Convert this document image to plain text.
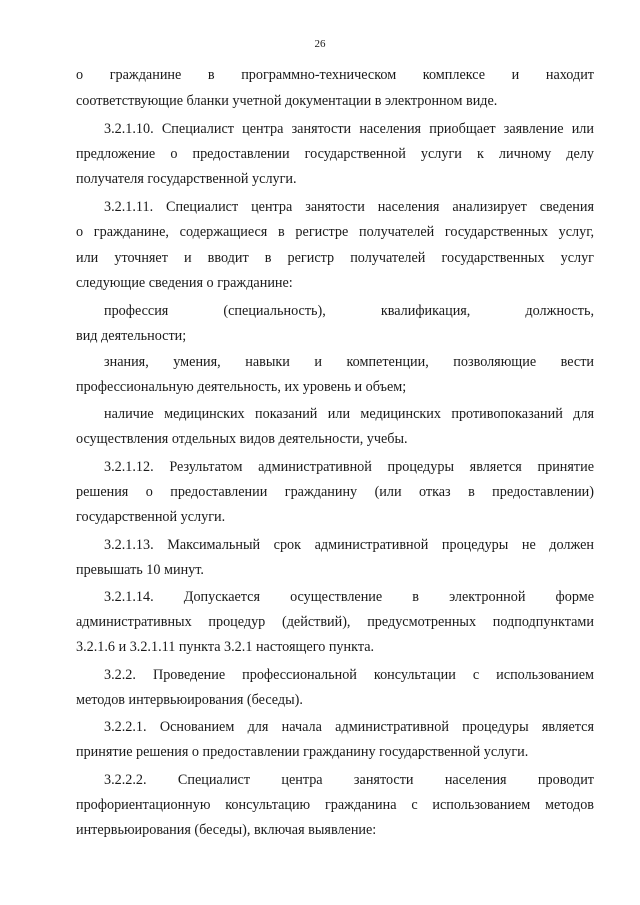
26
о гражданине в программно-техническом комплексе и находит
соответствующие бланки учетной документации в электронном виде.
3.2.1.10. Специалист центра занятости населения приобщает заявление или
предложение о предоставлении государственной услуги к личному делу
получателя государственной услуги.
3.2.1.11. Специалист центра занятости населения анализирует сведения
о гражданине, содержащиеся в регистре получателей государственных услуг,
или уточняет и вводит в регистр получателей государственных услуг
следующие сведения о гражданине:
профессия (специальность), квалификация, должность,
вид деятельности;
знания, умения, навыки и компетенции, позволяющие вести
профессиональную деятельность, их уровень и объем;
наличие медицинских показаний или медицинских противопоказаний для
осуществления отдельных видов деятельности, учебы.
3.2.1.12. Результатом административной процедуры является принятие
решения о предоставлении гражданину (или отказ в предоставлении)
государственной услуги.
3.2.1.13. Максимальный срок административной процедуры не должен
превышать 10 минут.
3.2.1.14. Допускается осуществление в электронной форме
административных процедур (действий), предусмотренных подподпунктами
3.2.1.6 и 3.2.1.11 пункта 3.2.1 настоящего пункта.
3.2.2. Проведение профессиональной консультации с использованием
методов интервьюирования (беседы).
3.2.2.1. Основанием для начала административной процедуры является
принятие решения о предоставлении гражданину государственной услуги.
3.2.2.2. Специалист центра занятости населения проводит
профориентационную консультацию гражданина с использованием методов
интервьюирования (беседы), включая выявление:
